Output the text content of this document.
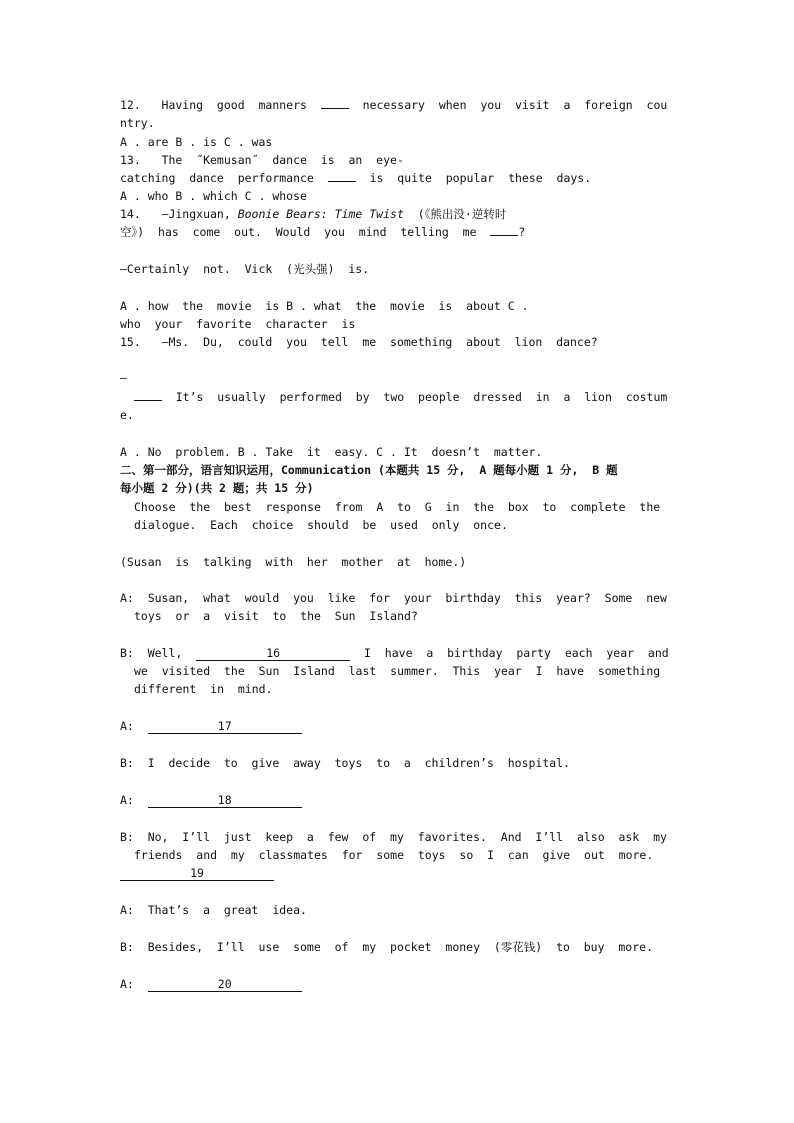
12.   Having  good  manners	necessary  when  you  visit  a  foreign  cou
ntry.
A . are B . is C . was
13.   The  ˝Kemusan˝  dance  is  an  eye-
catching  dance  performance	is  quite  popular  these  days.
A . who B . which C . whose
14.   —Jingxuan, Boonie Bears: Time Twist  (《熊出没·逆转时
空》)  has  come  out.  Would  you  mind  telling  me	?
—Certainly  not.  Vick  (光头强)  is.
A . how  the  movie  is B . what  the  movie  is  about C .
who  your  favorite  character  is
15.   —Ms.  Du,  could  you  tell  me  something  about  lion  dance?
—
It’s  usually  performed  by  two  people  dressed  in  a  lion  costum
e.
A . No  problem. B . Take  it  easy. C . It  doesn’t  matter.
二、第一部分，语言知识运用，Communication (本题共 15 分,  A 题每小题 1 分,  B 题
每小题 2 分)(共 2 题；共 15 分)
Choose  the  best  response  from  A  to  G  in  the  box  to  complete  the
dialogue.  Each  choice  should  be  used  only  once.
(Susan  is  talking  with  her  mother  at  home.)
A:  Susan,  what  would  you  like  for  your  birthday  this  year?  Some  new
toys  or  a  visit  to  the  Sun  Island?
B:  Well,	16	I  have  a  birthday  party  each  year  and
we  visited  the  Sun  Island  last  summer.  This  year  I  have  something
different  in  mind.
A:	17
B:  I  decide  to  give  away  toys  to  a  children’s  hospital.
A:	18
B:  No,  I’ll  just  keep  a  few  of  my  favorites.  And  I’ll  also  ask  my
friends  and  my  classmates  for  some  toys  so  I  can  give  out  more.
19
A:  That’s  a  great  idea.
B:  Besides,  I’ll  use  some  of  my  pocket  money  (零花钱)  to  buy  more.
A:	20
